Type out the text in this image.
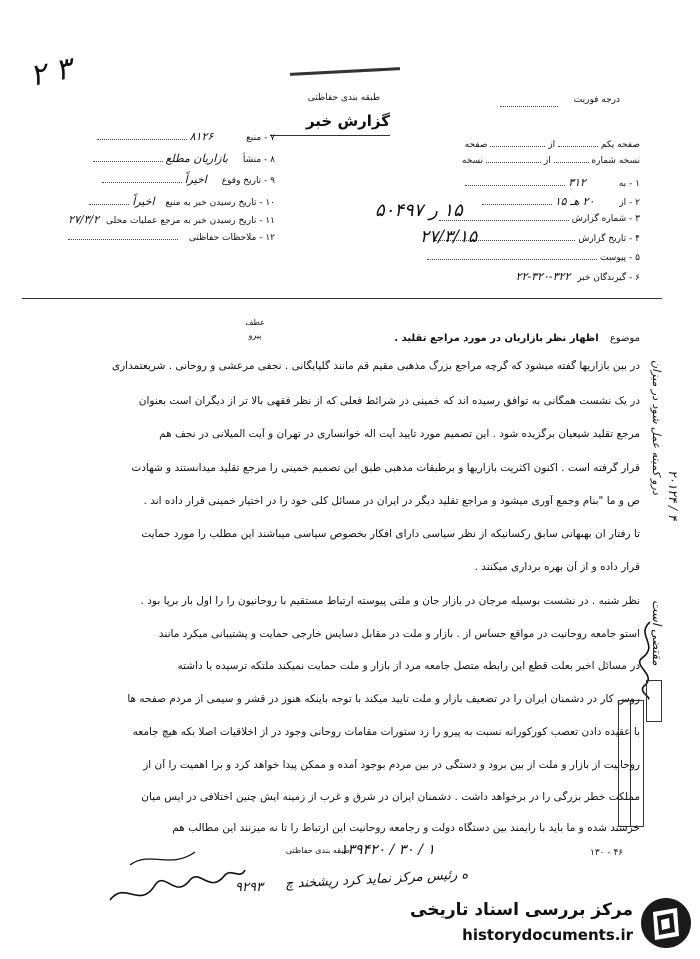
۲ ۳
طبقه بندی حفاظتی
گزارش خبر
درجه فوریت
۷ - منبع ۸۱۲۶
۸ - منشأ بازاریان مطلع
۹ - تاریخ وقوع اخیراً
۱۰ - تاریخ رسیدن خبر به منبع اخیراً
۱۱ - تاریخ رسیدن خبر به مرجع عملیات محلی ۲۷/۳/۲
۱۲ - ملاحظات حفاظتی
صفحه یکم  از  صفحه
نسخه شماره  از  نسخه
۱ - به ۳۱۲
۲ - از ۲۰ هـ ۱۵
۳ - شماره گزارش
۴ - تاریخ گزارش
۵ - پیوست
۶ - گیرندگان خبر ۳۲۲-۳۲۰-۲۲
۱۵ ر ۵۰۴۹۷
۲۷/۳/۱۵
عطف
پیرو	موضوع اظهار نظر بازاریان در مورد مراجع تقلید .
در بین بازاریها گفته میشود که گرچه مراجع بزرگ مذهبی مقیم قم مانند گلپایگانی . نجفی مرعشی و روحانی . شریعتمداری
در یک نشست همگانی به توافق رسیده اند که خمینی در شرائط فعلی که از نظر فقهی بالا تر از دیگران است بعنوان
مرجع تقلید شیعیان برگزیده شود . این تصمیم مورد تایید آیت اله خوانساری در تهران و آیت المیلانی در نجف هم
قرار گرفته است . اکنون اکثریت بازاریها و برطبقات مذهبی طبق این تصمیم خمینی را مرجع تقلید میدانستند و شهادت
ص و ما "بنام وجمع آوری میشود و مراجع تقلید دیگر در ایران در مسائل کلی خود را در اختیار خمینی قرار داده اند .
تا رفتار ان بهبهانی سابق رکسانیکه از نظر سیاسی دارای افکار بخصوص سیاسی میباشند این مطلب را مورد حمایت
قرار داده و از آن بهره برداری میکنند .
نظر شنبه . در نشست بوسیله مرجان در بازار جان و ملتی پیوسته ارتباط مستقیم با روحانیون را را اول بار برپا بود .
استو جامعه روحانیت در مواقع حساس از . بازار و ملت در مقابل دسایس خارجی حمایت و پشتیبانی میکرد مانند
در مسائل اخیر بعلت قطع این رابطه متصل جامعه مرد از بازار و ملت حمایت نمیکند ملتکه ترسیده یا داشته
روس کار در دشمنان ایران را در تضعیف بازار و ملت تایید میکند با توجه باینکه هنوز در قشر و سیمی از مردم صفحه ها
با عقیده دادن تعصب کورکورانه نسبت به پیرو را زد ستورات مقامات روحانی وجود در از اخلاقیات اصلا بکه هیچ جامعه
روحانیت از بازار و ملت از بین برود و دستگی در بین مردم بوجود آمده و ممکن پیدا خواهد کرد و برا اهمیت را آن از
مملکت خطر بزرگی را در برخواهد داشت . دشمنان ایران در شرق و غرب از زمینه ایش چنین اختلافی در ایس میان
خرسند شده و ما باید با رایمند بین دستگاه دولت و رجامعه روحانیت این ارتباط را تا نه میزنند این مطالب هم
درو کمیته عمل شود در میزان
۲۰۱۲۴ / ۴
مقتضی است
۱۳۹۴۲۰ / ۳۰ / ۱	۱۳۰ - ۴۶
طبقه بندی حفاظتی
ه رئیس مرکز نماید کرد ریشخند چ
۹۲۹۳
مرکز بررسی اسناد تاریخی
historydocuments.ir
